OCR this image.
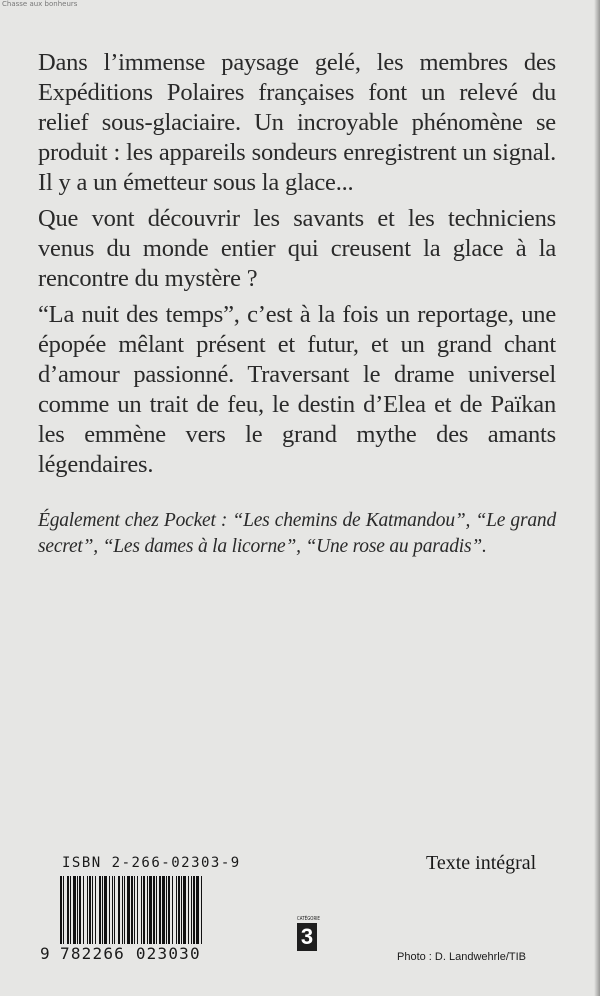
Chasse aux bonheurs

Dans l’immense paysage gelé, les membres des Expéditions Polaires françaises font un relevé du relief sous-glaciaire. Un incroyable phénomène se produit : les appareils sondeurs enregistrent un signal. Il y a un émetteur sous la glace...

Que vont découvrir les savants et les techniciens venus du monde entier qui creusent la glace à la rencontre du mystère ?

“La nuit des temps”, c’est à la fois un reportage, une épopée mêlant présent et futur, et un grand chant d’amour passionné. Traversant le drame universel comme un trait de feu, le destin d’Elea et de Païkan les emmène vers le grand mythe des amants légendaires.

Également chez Pocket : “Les chemins de Katmandou”, “Le grand secret”, “Les dames à la licorne”, “Une rose au paradis”.
ISBN 2-266-02303-9
9 782266 023030
CATÉGORIE
3
Texte intégral
Photo : D. Landwehrle/TIB
